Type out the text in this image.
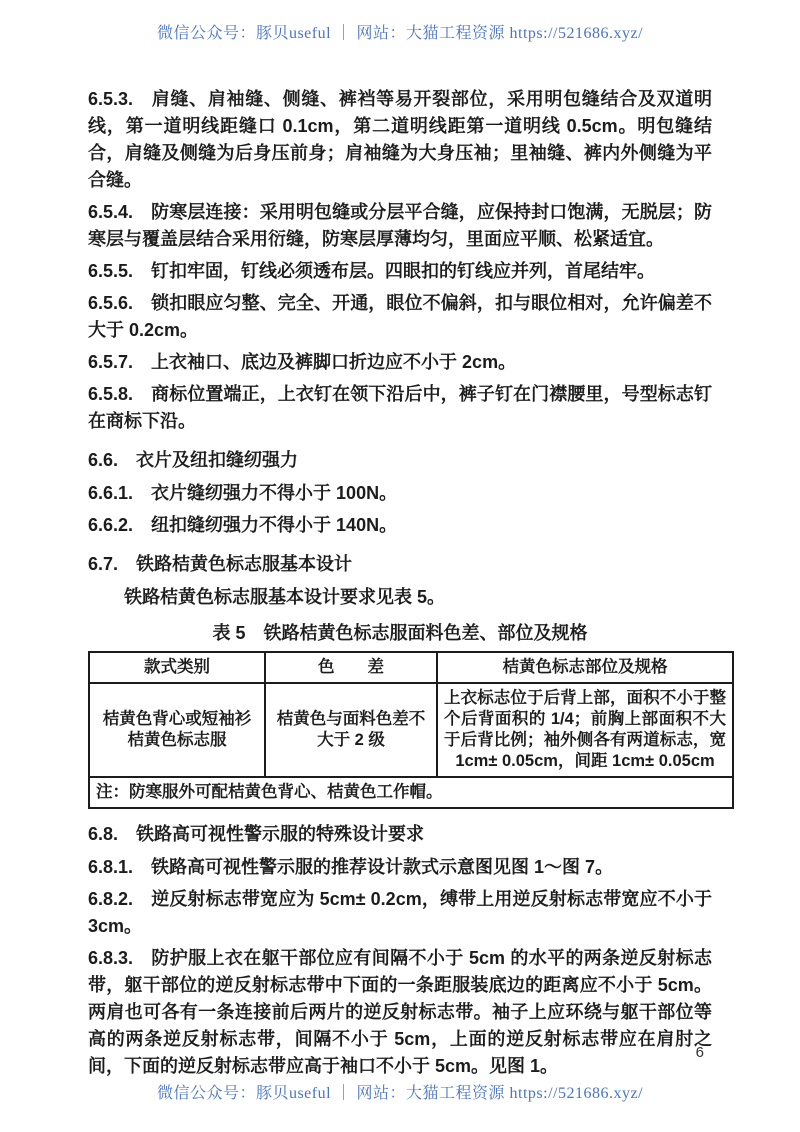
微信公众号：豚贝useful ｜ 网站：大猫工程资源 https://521686.xyz/

6.5.3. 肩缝、肩袖缝、侧缝、裤裆等易开裂部位，采用明包缝结合及双道明线，第一道明线距缝口 0.1cm，第二道明线距第一道明线 0.5cm。明包缝结合，肩缝及侧缝为后身压前身；肩袖缝为大身压袖；里袖缝、裤内外侧缝为平合缝。

6.5.4. 防寒层连接：采用明包缝或分层平合缝，应保持封口饱满，无脱层；防寒层与覆盖层结合采用衍缝，防寒层厚薄均匀，里面应平顺、松紧适宜。

6.5.5. 钉扣牢固，钉线必须透布层。四眼扣的钉线应并列，首尾结牢。

6.5.6. 锁扣眼应匀整、完全、开通，眼位不偏斜，扣与眼位相对，允许偏差不大于 0.2cm。

6.5.7. 上衣袖口、底边及裤脚口折边应不小于 2cm。

6.5.8. 商标位置端正，上衣钉在领下沿后中，裤子钉在门襟腰里，号型标志钉在商标下沿。

6.6. 衣片及纽扣缝纫强力

6.6.1. 衣片缝纫强力不得小于 100N。

6.6.2. 纽扣缝纫强力不得小于 140N。

6.7. 铁路桔黄色标志服基本设计

铁路桔黄色标志服基本设计要求见表 5。

表 5　铁路桔黄色标志服面料色差、部位及规格
款式类别	色　　差	桔黄色标志部位及规格
桔黄色背心或短袖衫桔黄色标志服	桔黄色与面料色差不大于 2 级	上衣标志位于后背上部，面积不小于整个后背面积的 1/4；前胸上部面积不大于后背比例；袖外侧各有两道标志，宽 1cm± 0.05cm，间距 1cm± 0.05cm
注：防寒服外可配桔黄色背心、桔黄色工作帽。		

6.8. 铁路高可视性警示服的特殊设计要求

6.8.1. 铁路高可视性警示服的推荐设计款式示意图见图 1～图 7。

6.8.2. 逆反射标志带宽应为 5cm± 0.2cm，缚带上用逆反射标志带宽应不小于 3cm。

6.8.3. 防护服上衣在躯干部位应有间隔不小于 5cm 的水平的两条逆反射标志带，躯干部位的逆反射标志带中下面的一条距服装底边的距离应不小于 5cm。两肩也可各有一条连接前后两片的逆反射标志带。袖子上应环绕与躯干部位等高的两条逆反射标志带，间隔不小于 5cm，上面的逆反射标志带应在肩肘之间，下面的逆反射标志带应高于袖口不小于 5cm。见图 1。

6
微信公众号：豚贝useful ｜ 网站：大猫工程资源 https://521686.xyz/
